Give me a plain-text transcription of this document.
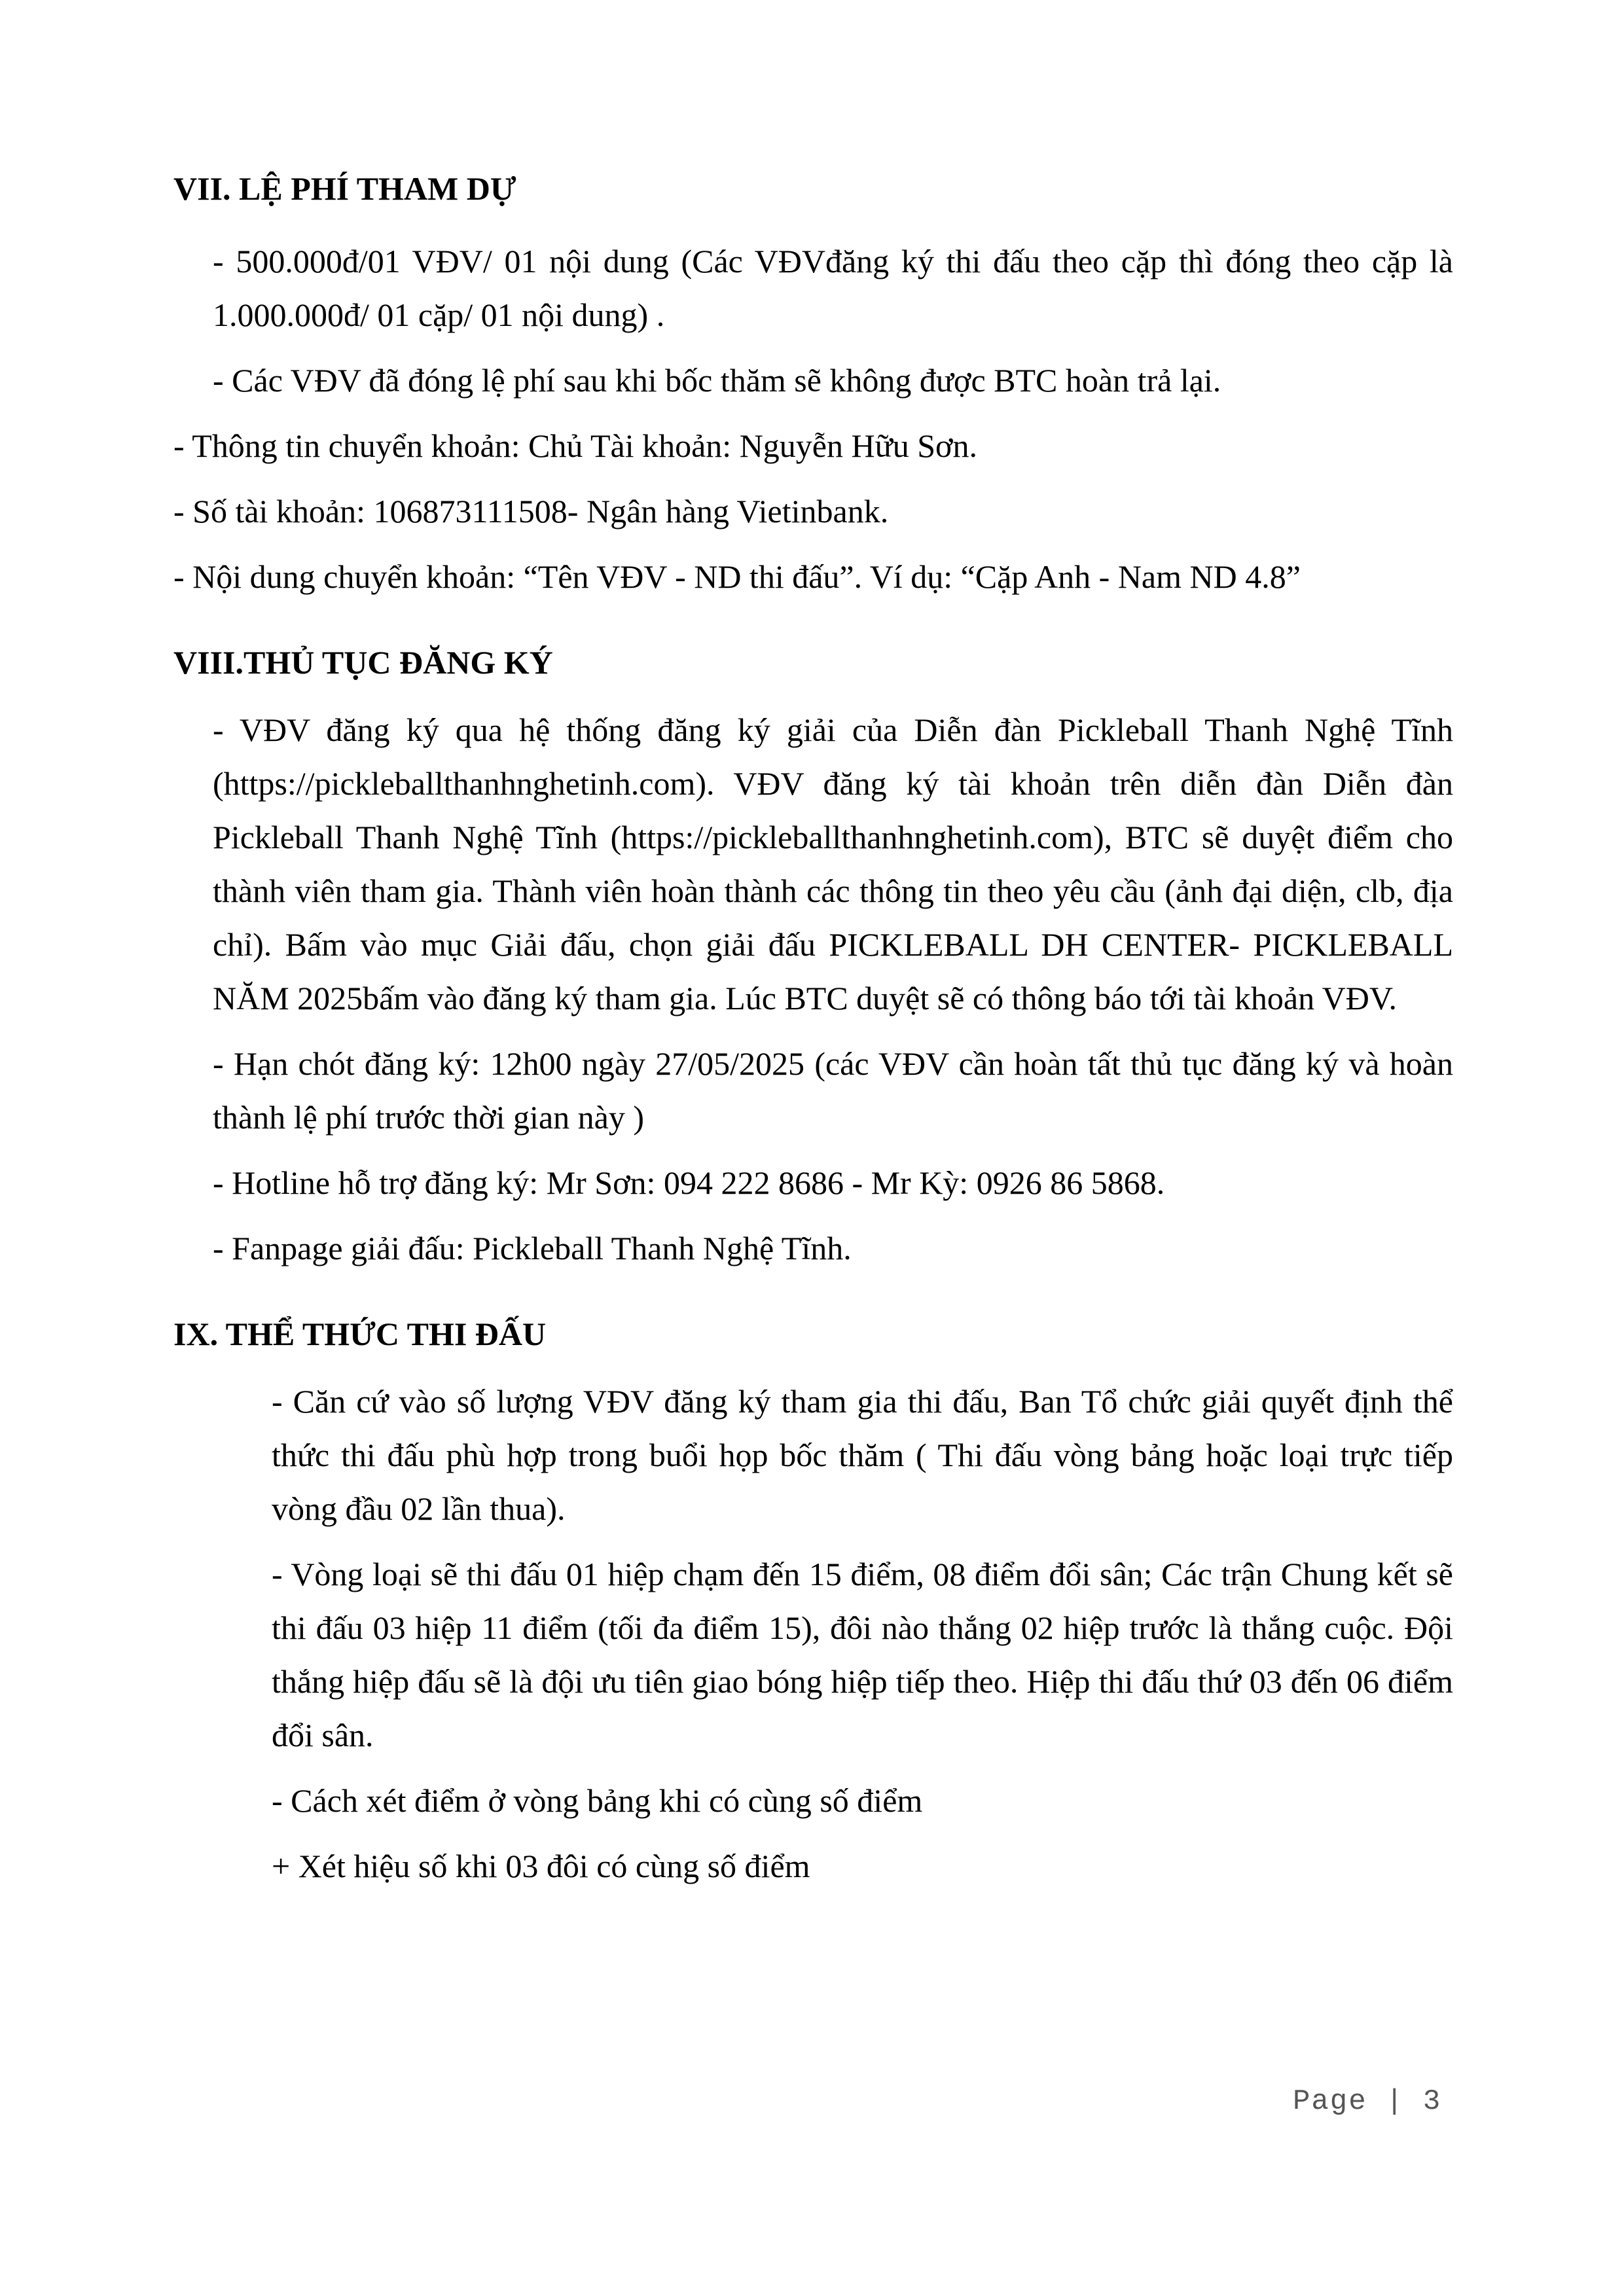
VII. LỆ PHÍ THAM DỰ

- 500.000đ/01 VĐV/ 01 nội dung (Các VĐVđăng ký thi đấu theo cặp thì đóng theo cặp là 1.000.000đ/ 01 cặp/ 01 nội dung) .

- Các VĐV đã đóng lệ phí sau khi bốc thăm sẽ không được BTC hoàn trả lại.

- Thông tin chuyển khoản: Chủ Tài khoản: Nguyễn Hữu Sơn.

- Số tài khoản: 106873111508- Ngân hàng Vietinbank.

- Nội dung chuyển khoản: “Tên VĐV - ND thi đấu”. Ví dụ: “Cặp Anh - Nam ND 4.8”

VIII.THỦ TỤC ĐĂNG KÝ

- VĐV đăng ký qua hệ thống đăng ký giải của Diễn đàn Pickleball Thanh Nghệ Tĩnh (https://pickleballthanhnghetinh.com). VĐV đăng ký tài khoản trên diễn đàn Diễn đàn Pickleball Thanh Nghệ Tĩnh (https://pickleballthanhnghetinh.com), BTC sẽ duyệt điểm cho thành viên tham gia. Thành viên hoàn thành các thông tin theo yêu cầu (ảnh đại diện, clb, địa chỉ). Bấm vào mục Giải đấu, chọn giải đấu PICKLEBALL DH CENTER- PICKLEBALL NĂM 2025bấm vào đăng ký tham gia. Lúc BTC duyệt sẽ có thông báo tới tài khoản VĐV.

- Hạn chót đăng ký: 12h00 ngày 27/05/2025 (các VĐV cần hoàn tất thủ tục đăng ký và hoàn thành lệ phí trước thời gian này )

- Hotline hỗ trợ đăng ký: Mr Sơn: 094 222 8686 - Mr Kỳ: 0926 86 5868.

- Fanpage giải đấu: Pickleball Thanh Nghệ Tĩnh.

IX. THỂ THỨC THI ĐẤU

- Căn cứ vào số lượng VĐV đăng ký tham gia thi đấu, Ban Tổ chức giải quyết định thể thức thi đấu phù hợp trong buổi họp bốc thăm ( Thi đấu vòng bảng hoặc loại trực tiếp vòng đầu 02 lần thua).

- Vòng loại sẽ thi đấu 01 hiệp chạm đến 15 điểm, 08 điểm đổi sân; Các trận Chung kết sẽ thi đấu 03 hiệp 11 điểm (tối đa điểm 15), đôi nào thắng 02 hiệp trước là thắng cuộc. Đội thắng hiệp đấu sẽ là đội ưu tiên giao bóng hiệp tiếp theo. Hiệp thi đấu thứ 03 đến 06 điểm đổi sân.

- Cách xét điểm ở vòng bảng khi có cùng số điểm

+ Xét hiệu số khi 03 đôi có cùng số điểm

Page | 3
